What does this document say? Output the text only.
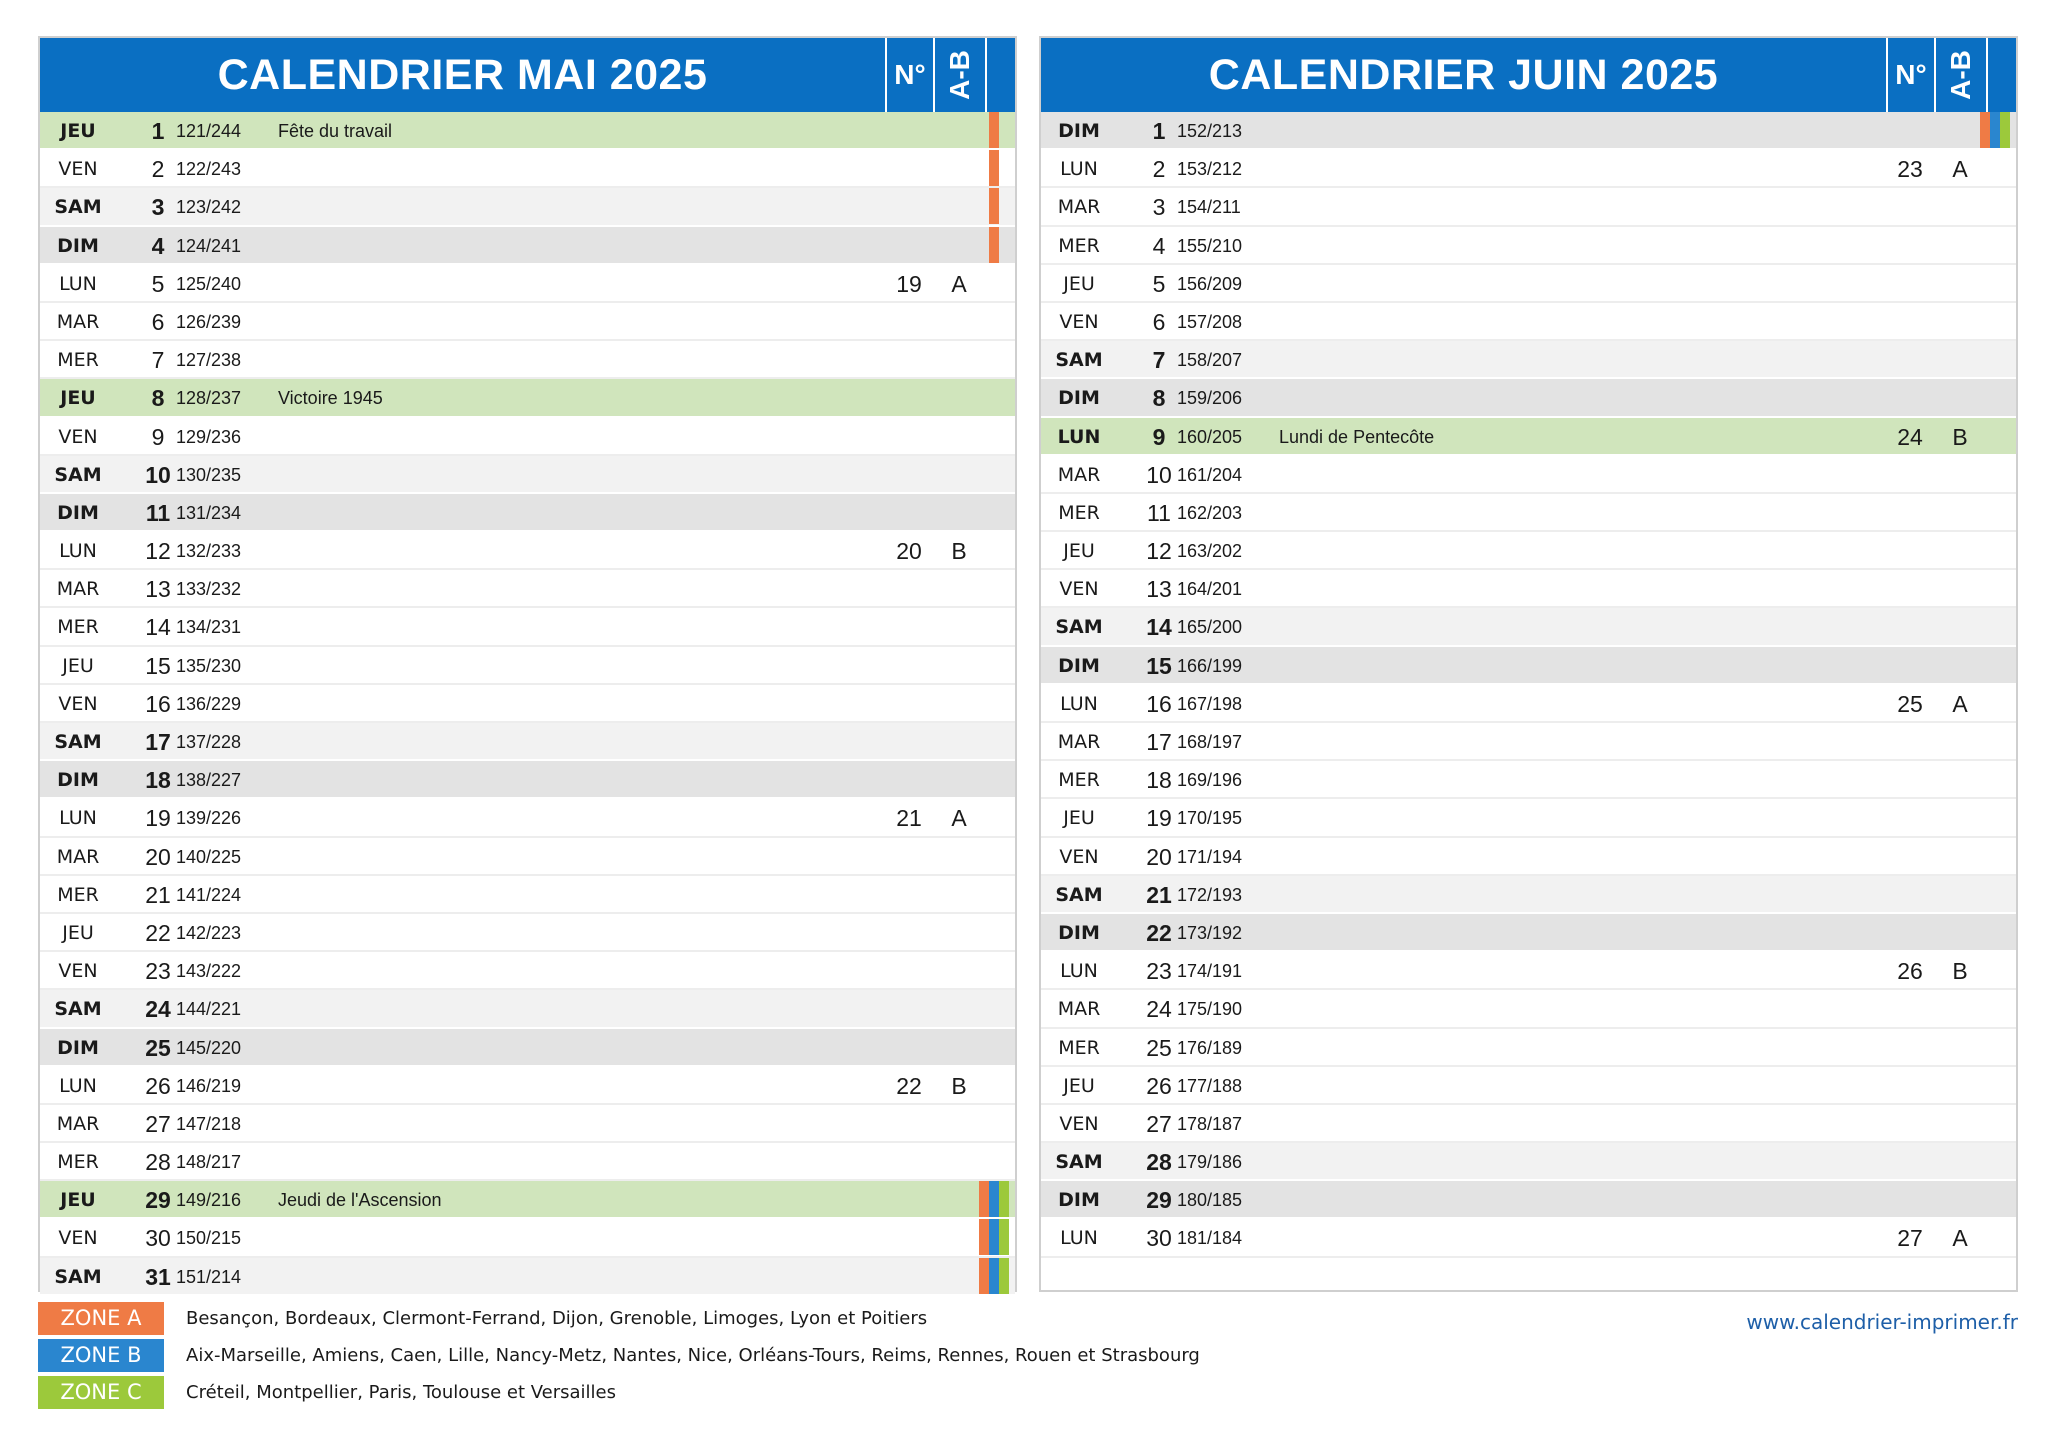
CALENDRIER MAI 2025	N° A-B
JEU	1 121/244	Fête du travail
VEN	2 122/243
SAM	3 123/242
DIM	4 124/241
LUN	5 125/240	19	A
MAR	6 126/239
MER	7 127/238
JEU	8 128/237	Victoire 1945
VEN	9 129/236
SAM	10 130/235
DIM	11 131/234
LUN	12 132/233	20	B
MAR	13 133/232
MER	14 134/231
JEU	15 135/230
VEN	16 136/229
SAM	17 137/228
DIM	18 138/227
LUN	19 139/226	21	A
MAR	20 140/225
MER	21 141/224
JEU	22 142/223
VEN	23 143/222
SAM	24 144/221
DIM	25 145/220
LUN	26 146/219	22	B
MAR	27 147/218
MER	28 148/217
JEU	29 149/216	Jeudi de l'Ascension
VEN	30 150/215
SAM	31 151/214
CALENDRIER JUIN 2025	N° A-B
DIM	1 152/213
LUN	2 153/212	23	A
MAR	3 154/211
MER	4 155/210
JEU	5 156/209
VEN	6 157/208
SAM	7 158/207
DIM	8 159/206
LUN	9 160/205	Lundi de Pentecôte	24	B
MAR	10 161/204
MER	11 162/203
JEU	12 163/202
VEN	13 164/201
SAM	14 165/200
DIM	15 166/199
LUN	16 167/198	25	A
MAR	17 168/197
MER	18 169/196
JEU	19 170/195
VEN	20 171/194
SAM	21 172/193
DIM	22 173/192
LUN	23 174/191	26	B
MAR	24 175/190
MER	25 176/189
JEU	26 177/188
VEN	27 178/187
SAM	28 179/186
DIM	29 180/185
LUN	30 181/184	27	A
ZONE A	Besançon, Bordeaux, Clermont-Ferrand, Dijon, Grenoble, Limoges, Lyon et Poitiers
ZONE B	Aix-Marseille, Amiens, Caen, Lille, Nancy-Metz, Nantes, Nice, Orléans-Tours, Reims, Rennes, Rouen et Strasbourg
ZONE C	Créteil, Montpellier, Paris, Toulouse et Versailles
www.calendrier-imprimer.fr
